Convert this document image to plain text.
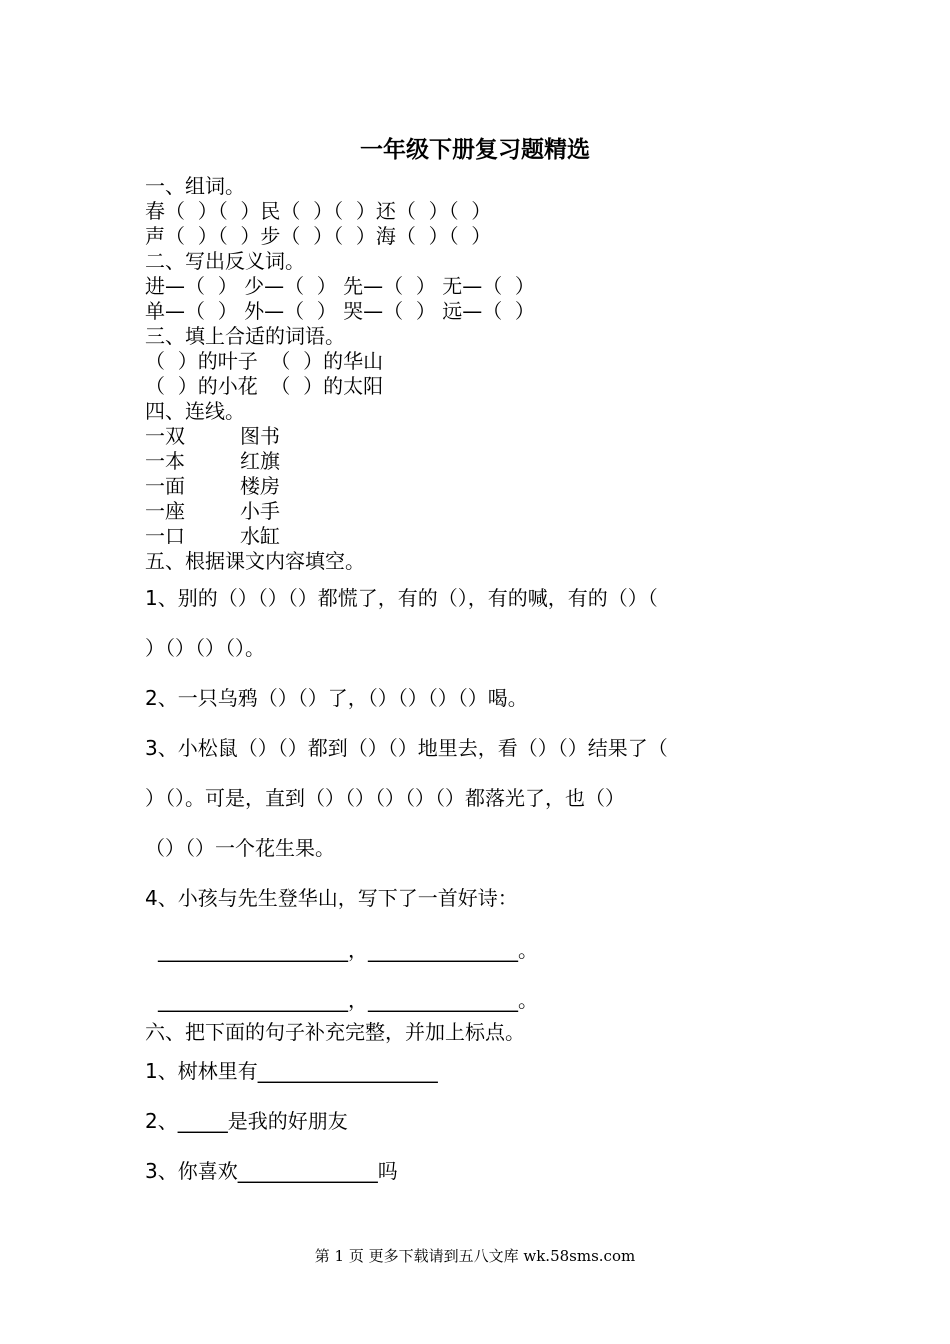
一年级下册复习题精选
一、组词。
春（  ）（  ）民（  ）（  ）还（  ）（  ）
声（  ）（  ）步（  ）（  ）海（  ）（  ）
二、写出反义词。
进—（  ） 少—（  ） 先—（  ） 无—（  ）
单—（  ） 外—（  ） 哭—（  ） 远—（  ）
三、填上合适的词语。
（  ）的叶子  （  ）的华山
（  ）的小花  （  ）的太阳
四、连线。
一双	图书
一本	红旗
一面	楼房
一座	小手
一口	水缸
五、根据课文内容填空。
1、别的（）（）（）都慌了，有的（），有的喊，有的（）（
）（）（）（）。
2、一只乌鸦（）（）了，（）（）（）（）喝。
3、小松鼠（）（）都到（）（）地里去，看（）（）结果了（
）（）。可是，直到（）（）（）（）（）都落光了，也（）
（）（）一个花生果。
4、小孩与先生登华山，写下了一首好诗：
___________________，_______________。
___________________，_______________。
六、把下面的句子补充完整，并加上标点。
1、树林里有__________________
2、_____是我的好朋友
3、你喜欢______________吗
第 1 页 更多下载请到五八文库 wk.58sms.com
